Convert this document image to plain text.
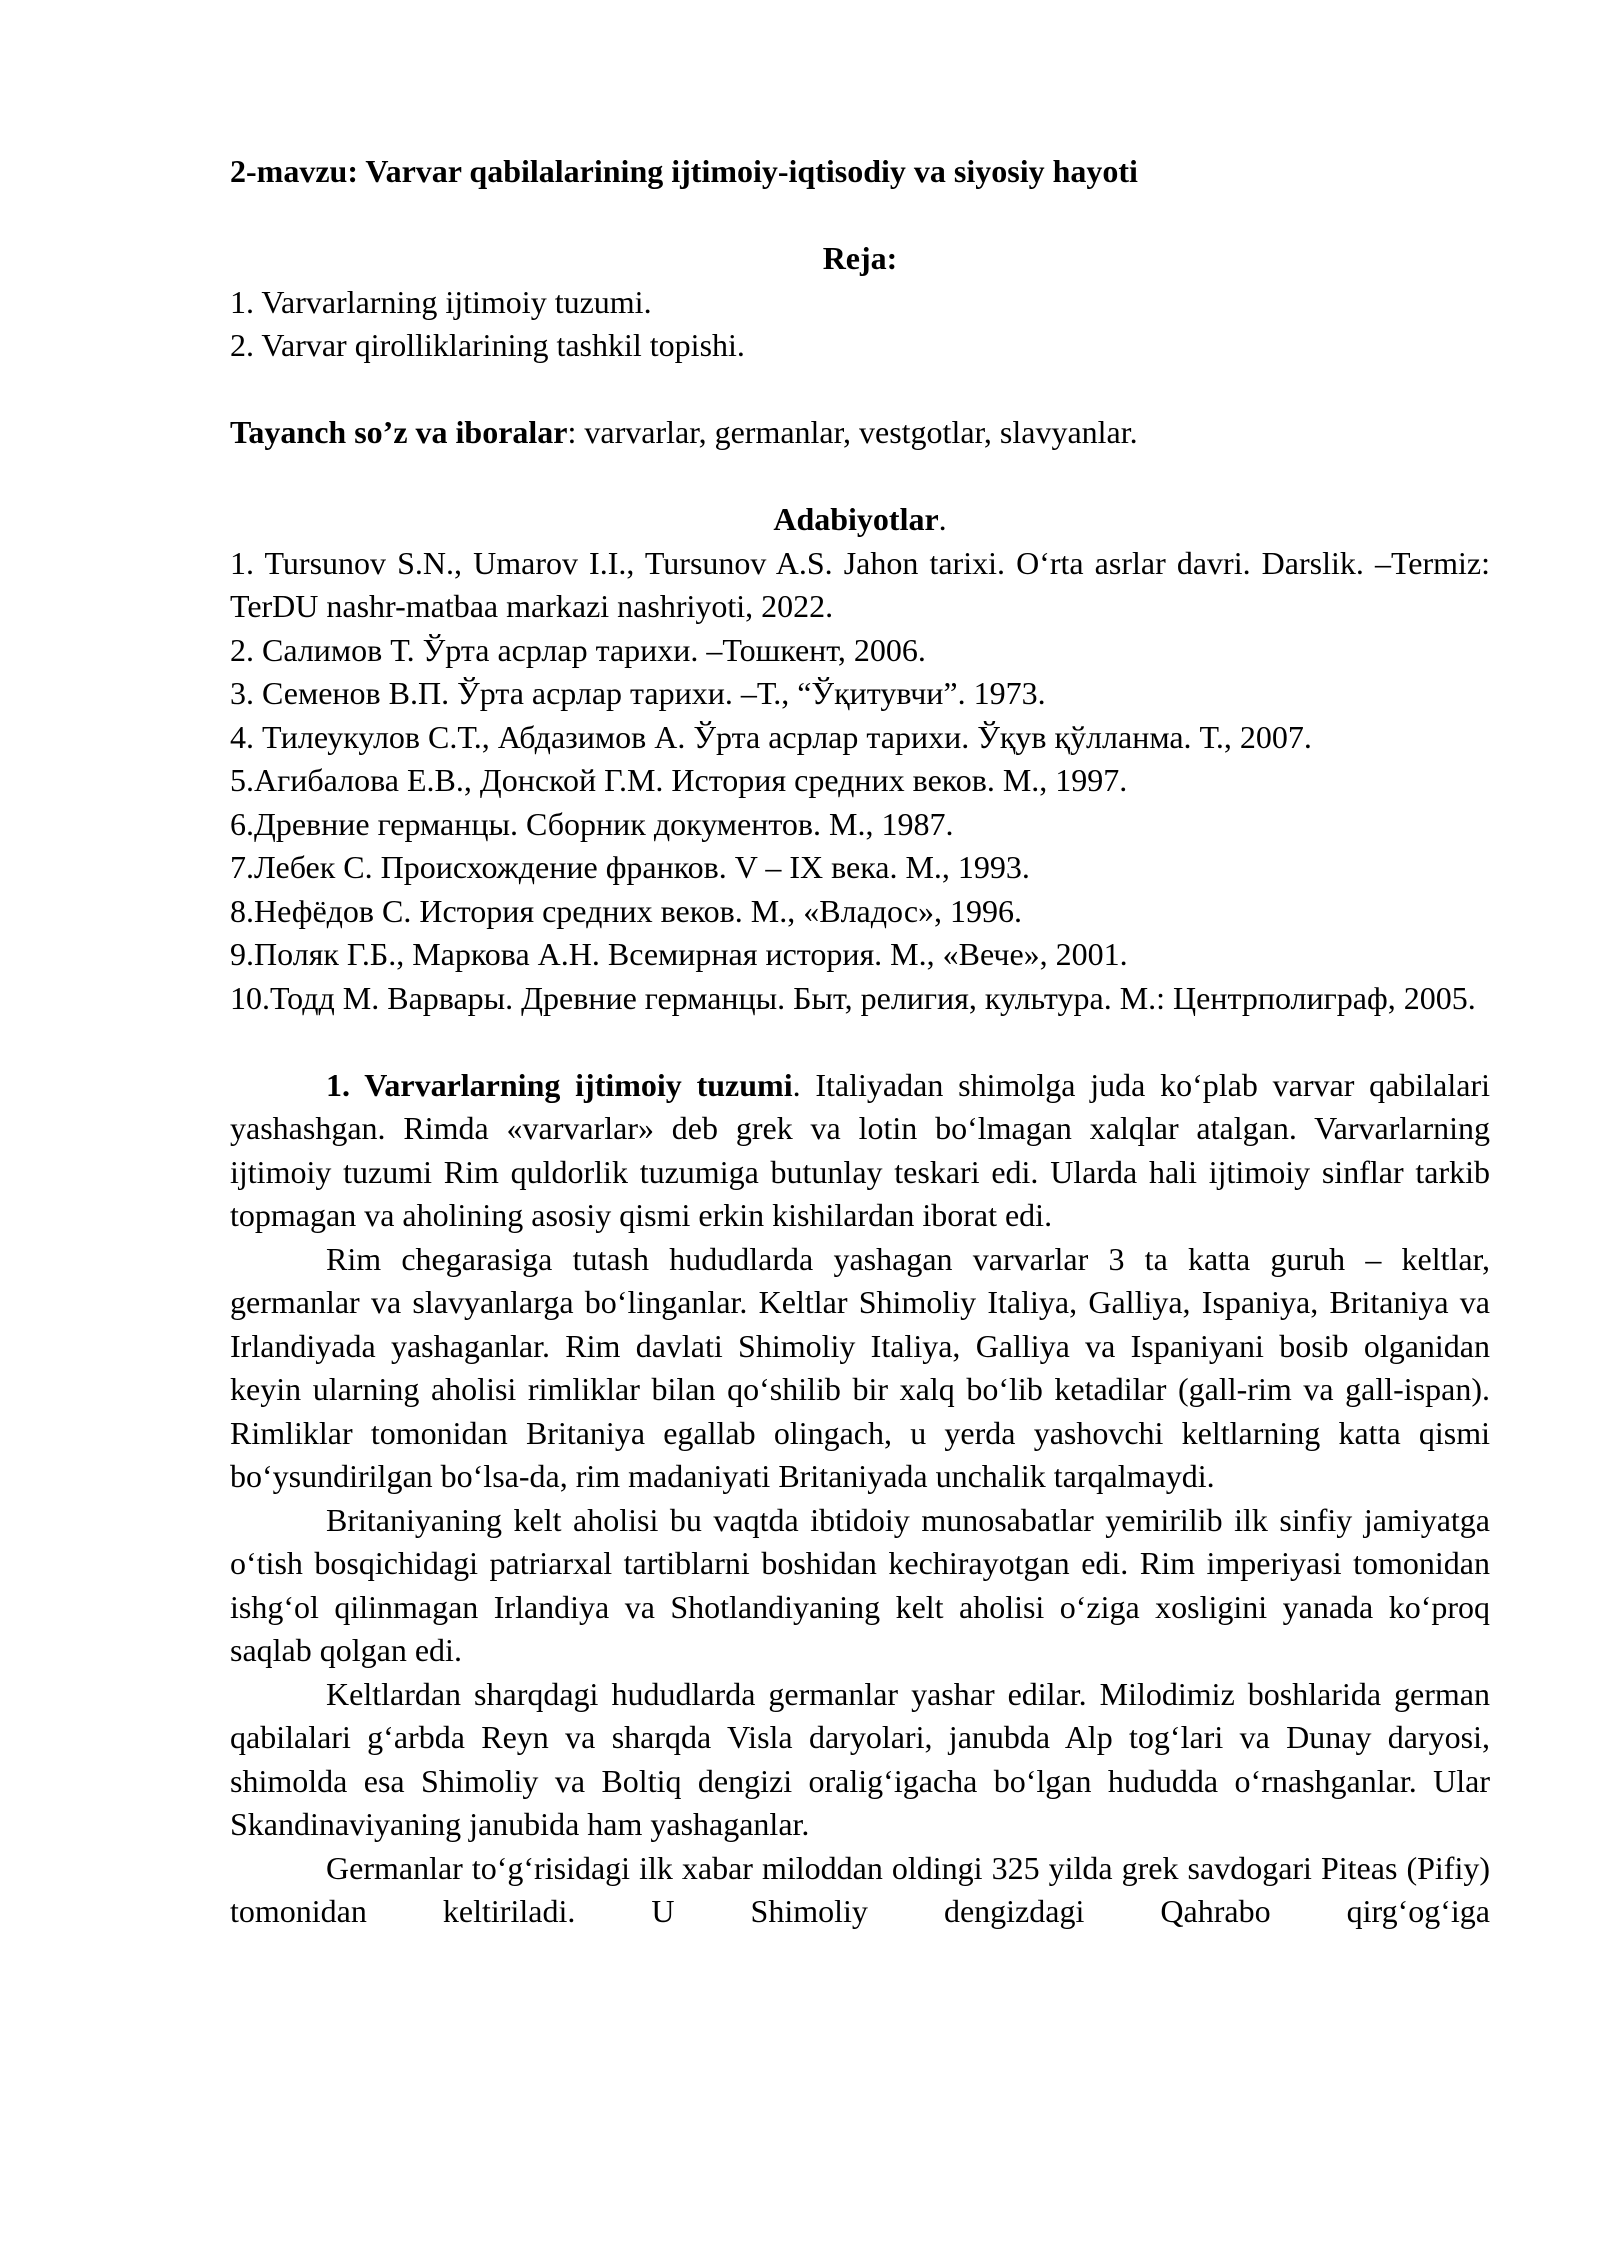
2-mavzu: Varvar qabilalarining ijtimoiy-iqtisodiy va siyosiy hayoti

Reja:

1. Varvarlarning ijtimoiy tuzumi.

2. Varvar qirolliklarining tashkil topishi.

Tayanch so’z va iboralar: varvarlar, germanlar, vestgotlar, slavyanlar.

Adabiyotlar.

1. Tursunov S.N., Umarov I.I., Tursunov A.S. Jahon tarixi. O‘rta asrlar davri. Darslik. –Termiz: TerDU nashr-matbaa markazi nashriyoti, 2022.

2. Салимов Т. Ўрта асрлар тарихи. –Тошкент, 2006.

3. Семенов В.П. Ўрта асрлар тарихи. –Т., “Ўқитувчи”. 1973.

4. Тилеукулов С.Т., Абдазимов А. Ўрта асрлар тарихи. Ўқув қўлланма. Т., 2007.

5.Агибалова Е.В., Донской Г.М. История средних веков. М., 1997.

6.Древние германцы. Сборник документов. М., 1987.

7.Лебек С. Происхождение франков. V – IX века. М., 1993.

8.Нефёдов С. История средних веков. М., «Владос», 1996.

9.Поляк Г.Б., Маркова А.Н. Всемирная история. М., «Вече», 2001.

10.Тодд М. Варвары. Древние германцы. Быт, религия, культура. М.: Центрполиграф, 2005.

1. Varvarlarning ijtimoiy tuzumi. Italiyadan shimolga juda ko‘plab varvar qabilalari yashashgan. Rimda «varvarlar» deb grek va lotin bo‘lmagan xalqlar atalgan. Varvarlarning ijtimoiy tuzumi Rim quldorlik tuzumiga butunlay teskari edi. Ularda hali ijtimoiy sinflar tarkib topmagan va aholining asosiy qismi erkin kishilardan iborat edi.

Rim chegarasiga tutash hududlarda yashagan varvarlar 3 ta katta guruh – keltlar, germanlar va slavyanlarga bo‘linganlar. Keltlar Shimoliy Italiya, Galliya, Ispaniya, Britaniya va Irlandiyada yashaganlar. Rim davlati Shimoliy Italiya, Galliya va Ispaniyani bosib olganidan keyin ularning aholisi rimliklar bilan qo‘shilib bir xalq bo‘lib ketadilar (gall-rim va gall-ispan). Rimliklar tomonidan Britaniya egallab olingach, u yerda yashovchi keltlarning katta qismi bo‘ysundirilgan bo‘lsa-da, rim madaniyati Britaniyada unchalik tarqalmaydi.

Britaniyaning kelt aholisi bu vaqtda ibtidoiy munosabatlar yemirilib ilk sinfiy jamiyatga o‘tish bosqichidagi patriarxal tartiblarni boshidan kechirayotgan edi. Rim imperiyasi tomonidan ishg‘ol qilinmagan Irlandiya va Shotlandiyaning kelt aholisi o‘ziga xosligini yanada ko‘proq saqlab qolgan edi.

Keltlardan sharqdagi hududlarda germanlar yashar edilar. Milodimiz boshlarida german qabilalari g‘arbda Reyn va sharqda Visla daryolari, janubda Alp tog‘lari va Dunay daryosi, shimolda esa Shimoliy va Boltiq dengizi oralig‘igacha bo‘lgan hududda o‘rnashganlar. Ular Skandinaviyaning janubida ham yashaganlar.

Germanlar to‘g‘risidagi ilk xabar miloddan oldingi 325 yilda grek savdogari Piteas (Pifiy) tomonidan keltiriladi. U Shimoliy dengizdagi Qahrabo qirg‘og‘iga
